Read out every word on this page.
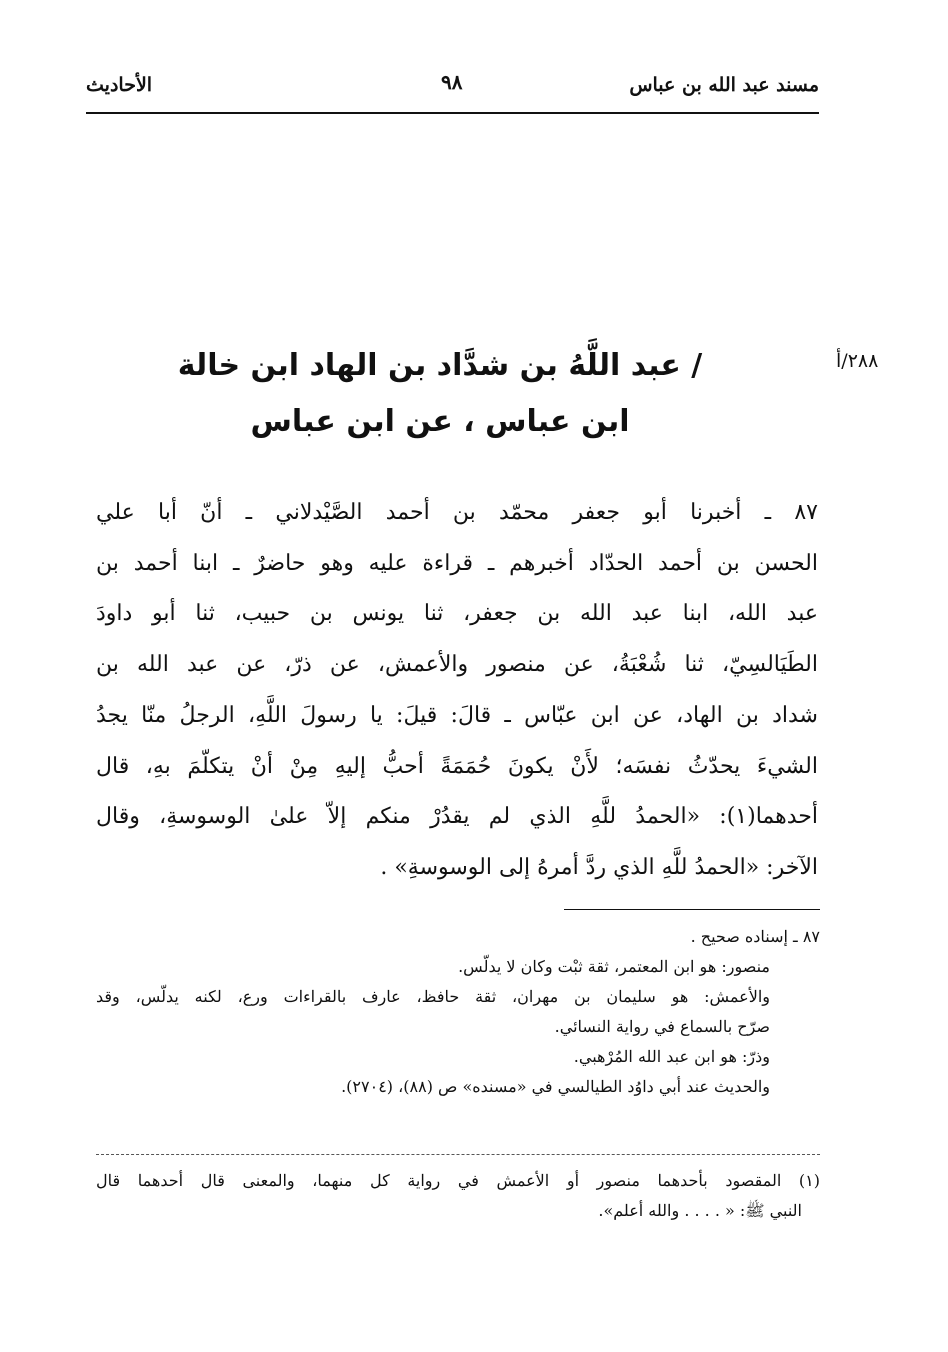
مسند عبد الله بن عباس
٩٨
الأحاديث
٢٨٨/أ
/ عبد اللَّهُ بن شدَّاد بن الهاد ابن خالة
ابن عباس ، عن ابن عباس
٨٧ ـ أخبرنا أبو جعفر محمّد بن أحمد الصَّيْدلاني ـ أنّ أبا علي
الحسن بن أحمد الحدّاد أخبرهم ـ قراءة عليه وهو حاضرٌ ـ ابنا أحمد بن
عبد الله، ابنا عبد الله بن جعفر، ثنا يونس بن حبيب، ثنا أبو داودَ
الطَيَالسِيّ، ثنا شُعْبَةُ، عن منصور والأعمش، عن ذرّ، عن عبد الله بن
شداد بن الهاد، عن ابن عبّاس ـ قالَ: قيلَ: يا رسولَ اللَّهِ، الرجلُ منّا يجدُ
الشيءَ يحدّثُ نفسَه؛ لأَنْ يكونَ حُمَمَةً أحبُّ إليهِ مِنْ أنْ يتكلّمَ بهِ، قال
أحدهما(١): «الحمدُ للَّهِ الذي لم يقدُرْ منكم إلاّ علىٰ الوسوسةِ، وقال
الآخر: «الحمدُ للَّهِ الذي ردَّ أمرهُ إلى الوسوسةِ» .
٨٧ ـ إسناده صحيح .
منصور: هو ابن المعتمر، ثقة ثبْت وكان لا يدلّس.
والأعمش: هو سليمان بن مهران، ثقة حافظ، عارف بالقراءات ورع، لكنه يدلّس، وقد
صرّح بالسماع في رواية النسائي.
وذرّ: هو ابن عبد الله المُرْهبي.
والحديث عند أبي داوُد الطيالسي في «مسنده» ص (٨٨)، (٢٧٠٤).
(١) المقصود بأحدهما منصور أو الأعمش في رواية كل منهما، والمعنى قال أحدهما قال
النبي ﷺ: « . . . . والله أعلم».
